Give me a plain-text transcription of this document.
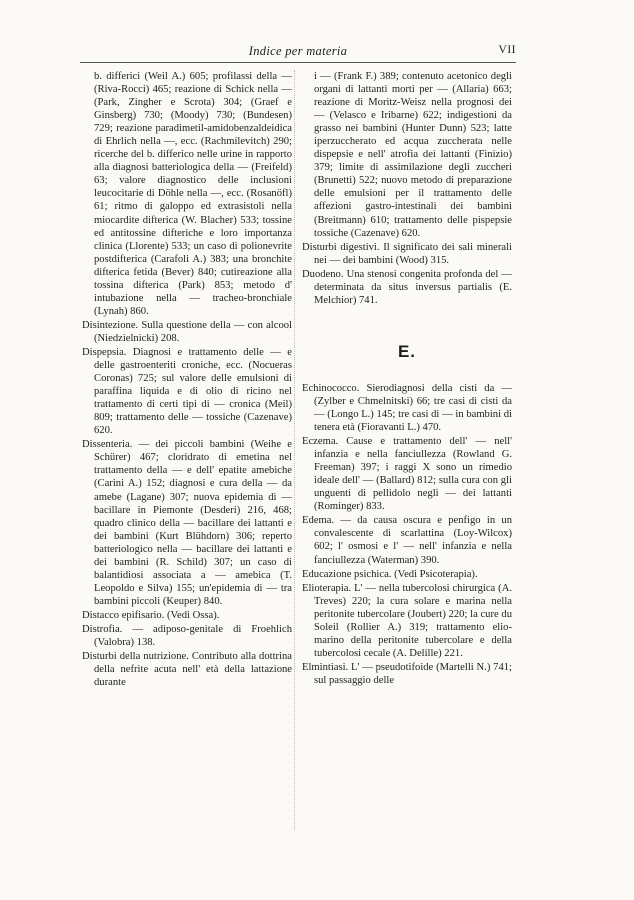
Indice per materia	VII

b. differici (Weil A.) 605; profilassi della — (Riva-Rocci) 465; reazione di Schick nella — (Park, Zingher e Scrota) 304; (Graef e Ginsberg) 730; (Moody) 730; (Bundesen) 729; reazione paradimetil-amidobenzaldeidica di Ehrlich nella —, ecc. (Rachmilevitch) 290; ricerche del b. differico nelle urine in rapporto alla diagnosi batteriologica della — (Freifeld) 63; valore diagnostico delle inclusioni leucocitarie di Döhle nella —, ecc. (Rosanöfl) 61; ritmo di galoppo ed extrasistoli nella miocardite difterica (W. Blacher) 533; tossine ed antitossine difteriche e loro importanza clinica (Llorente) 533; un caso di polionevrite postdifterica (Carafoli A.) 383; una bronchite difterica fetida (Bever) 840; cutireazione alla tossina difterica (Park) 853; metodo d' intubazione nella — tracheo-bronchiale (Lynah) 860.

Disintezione. Sulla questione della — con alcool (Niedzielnicki) 208.

Dispepsia. Diagnosi e trattamento delle — e delle gastroenteriti croniche, ecc. (Nocueras Coronas) 725; sul valore delle emulsioni di paraffina liquida e di olio di ricino nel trattamento di certi tipi di — cronica (Meil) 809; trattamento delle — tossiche (Cazenave) 620.

Dissenteria. — dei piccoli bambini (Weihe e Schürer) 467; cloridrato di emetina nel trattamento della — e dell' epatite amebiche (Carini A.) 152; diagnosi e cura della — da amebe (Lagane) 307; nuova epidemia di — bacillare in Piemonte (Desderi) 216, 468; quadro clinico della — bacillare dei lattanti e dei bambini (Kurt Blühdorn) 306; reperto batteriologico nella — bacillare dei lattanti e dei bambini (R. Schild) 307; un caso di balantidiosi associata a — amebica (T. Leopoldo e Silva) 155; un'epidemia di — tra bambini piccoli (Keuper) 840.

Distacco epifisario. (Vedi Ossa).

Distrofia. — adiposo-genitale di Froehlich (Valobra) 138.

Disturbi della nutrizione. Contributo alla dottrina della nefrite acuta nell' età della lattazione durante

i — (Frank F.) 389; contenuto acetonico degli organi di lattanti morti per — (Allaria) 663; reazione di Moritz-Weisz nella prognosi dei — (Velasco e Iribarne) 622; indigestioni da grasso nei bambini (Hunter Dunn) 523; latte iperzuccherato ed acqua zuccherata nelle dispepsie e nell' atrofia dei lattanti (Finizio) 379; limite di assimilazione degli zuccheri (Brunetti) 522; nuovo metodo di preparazione delle emulsioni per il trattamento delle affezioni gastro-intestinali dei bambini (Breitmann) 610; trattamento delle pispepsie tossiche (Cazenave) 620.

Disturbi digestivi. Il significato dei sali minerali nei — dei bambini (Wood) 315.

Duodeno. Una stenosi congenita profonda del — determinata da situs inversus partialis (E. Melchior) 741.

E.

Echinococco. Sierodiagnosi della cisti da — (Zylber e Chmelnitski) 66; tre casi di cisti da — (Longo L.) 145; tre casi di — in bambini di tenera età (Fioravanti L.) 470.

Eczema. Cause e trattamento dell' — nell' infanzia e nella fanciullezza (Rowland G. Freeman) 397; i raggi X sono un rimedio ideale dell' — (Ballard) 812; sulla cura con gli unguenti di pellidolo negli — dei lattanti (Rominger) 833.

Edema. — da causa oscura e penfigo in un convalescente di scarlattina (Loy-Wilcox) 602; l' osmosi e l' — nell' infanzia e nella fanciullezza (Waterman) 390.

Educazione psichica. (Vedi Psicoterapia).

Elioterapia. L' — nella tubercolosi chirurgica (A. Treves) 220; la cura solare e marina nella peritonite tubercolare (Joubert) 220; la cure du Soleil (Rollier A.) 319; trattamento elio-marino della peritonite tubercolare e della tubercolosi cecale (A. Delille) 221.

Elmintiasi. L' — pseudotifoide (Martelli N.) 741; sul passaggio delle
